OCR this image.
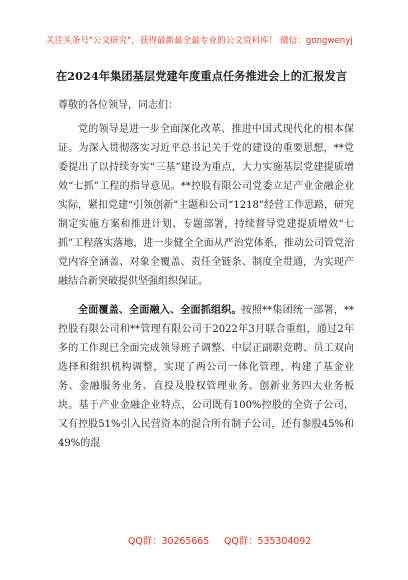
关注头条号"公文研究"，获得最新最全最专业的公文资料库！ 微信：gongwenyj
在2024年集团基层党建年度重点任务推进会上的汇报发言
尊敬的各位领导，同志们：

党的领导是进一步全面深化改革、推进中国式现代化的根本保证。为深入贯彻落实习近平总书记关于党的建设的重要思想，**党委提出了以持续夯实“三基”建设为重点，大力实施基层党建提质增效“七抓”工程的指导意见。**控股有限公司党委立足产业金融企业实际，紧扣党建“引领创新”主题和公司“1218”经营工作思路，研究制定实施方案和推进计划、专题部署，持续督导党建提质增效“七抓”工程落实落地，进一步健全全面从严治党体系，推动公司管党治党内容全涵盖、对象全覆盖、责任全链条、制度全贯通，为实现产融结合新突破提供坚强组织保证。

全面覆盖、全面融入、全面抓组织。按照**集团统一部署，**控股有限公司和**管理有限公司于2022年3月联合重组，通过2年多的工作现已全面完成领导班子调整、中层正副职竞聘、员工双向选择和组织机构调整，实现了两公司一体化管理，构建了基金业务、金融服务业务、直投及股权管理业务、创新业务四大业务板块。基于产业金融企业特点，公司既有100%控股的全资子公司，又有控股51%引入民营资本的混合所有制子公司，还有参股45%和49%的混

QQ群：30265665 QQ群：535304092
